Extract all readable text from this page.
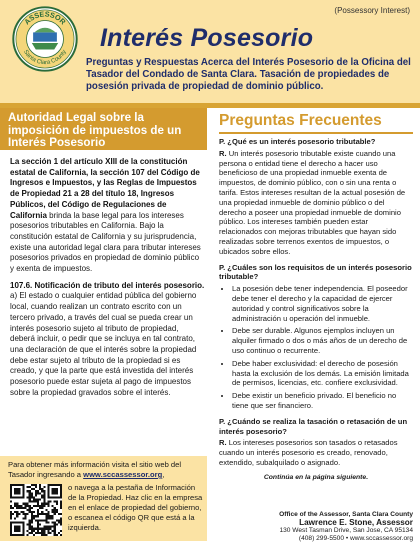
ASSESSOR
Santa Clara County
(Possessory Interest)
Interés Posesorio

Preguntas y Respuestas Acerca del Interés Posesorio de la Oficina del Tasador del Condado de Santa Clara. Tasación de propiedades de posesión privada de propiedad de dominio público.

Autoridad Legal sobre la imposición de impuestos de un Interés Posesorio

La sección 1 del artículo XIII de la constitución estatal de California, la sección 107 del Código de Ingresos e Impuestos, y las Reglas de Impuestos de Propiedad 21 a 28 del título 18, Ingresos Públicos, del Código de Regulaciones de California brinda la base legal para los intereses posesorios tributables en California. Bajo la constitución estatal de California y su jurisprudencia, existe una autoridad legal clara para tributar intereses posesorios privados en propiedad de dominio público y exenta de impuestos.

107.6. Notificación de tributo del interés posesorio. a) El estado o cualquier entidad pública del gobierno local, cuando realizan un contrato escrito con un tercero privado, a través del cual se pueda crear un interés posesorio sujeto al tributo de propiedad, deberá incluir, o pedir que se incluya en tal contrato, una declaración de que el interés sobre la propiedad debe estar sujeto al tributo de la propiedad si es creado, y que la parte que está investida del interés posesorio puede estar sujeta al pago de impuestos sobre la propiedad gravados sobre el interés.

Para obtener más información visita el sitio web del Tasador ingresando a www.sccassessor.org,
o navega a la pestaña de Información de la Propiedad. Haz clic en la empresa en el enlace de propiedad del gobierno, o escanea el código QR que está a la izquierda.
Preguntas Frecuentes

P. ¿Qué es un interés posesorio tributable?

R. Un interés posesorio tributable existe cuando una persona o entidad tiene el derecho a hacer uso beneficioso de una propiedad inmueble exenta de impuestos, de dominio público, con o sin una renta o tarifa. Estos intereses resultan de la actual posesión de una propiedad inmueble de dominio público o del derecho a poseer una propiedad inmueble de dominio público. Los intereses también pueden estar relacionados con mejoras tributables que hayan sido realizadas sobre terrenos exentos de impuestos, o ubicados sobre ellos.

P. ¿Cuáles son los requisitos de un interés posesorio tributable?

• La posesión debe tener independencia. El poseedor debe tener el derecho y la capacidad de ejercer autoridad y control significativos sobre la administración u operación del inmueble.
• Debe ser durable. Algunos ejemplos incluyen un alquiler firmado o dos o más años de un derecho de uso continuo o recurrente.
• Debe haber exclusividad: el derecho de posesión hasta la exclusión de los demás. La emisión limitada de permisos, licencias, etc. confiere exclusividad.
• Debe existir un beneficio privado. El beneficio no tiene que ser financiero.

P. ¿Cuándo se realiza la tasación o retasación de un interés posesorio?

R. Los intereses posesorios son tasados o retasados cuando un interés posesorio es creado, renovado, extendido, subalquilado o asignado.

Continúa en la página siguiente.

Office of the Assessor, Santa Clara County
Lawrence E. Stone, Assessor
130 West Tasman Drive, San Jose, CA 95134
(408) 299-5500 • www.sccassessor.org
